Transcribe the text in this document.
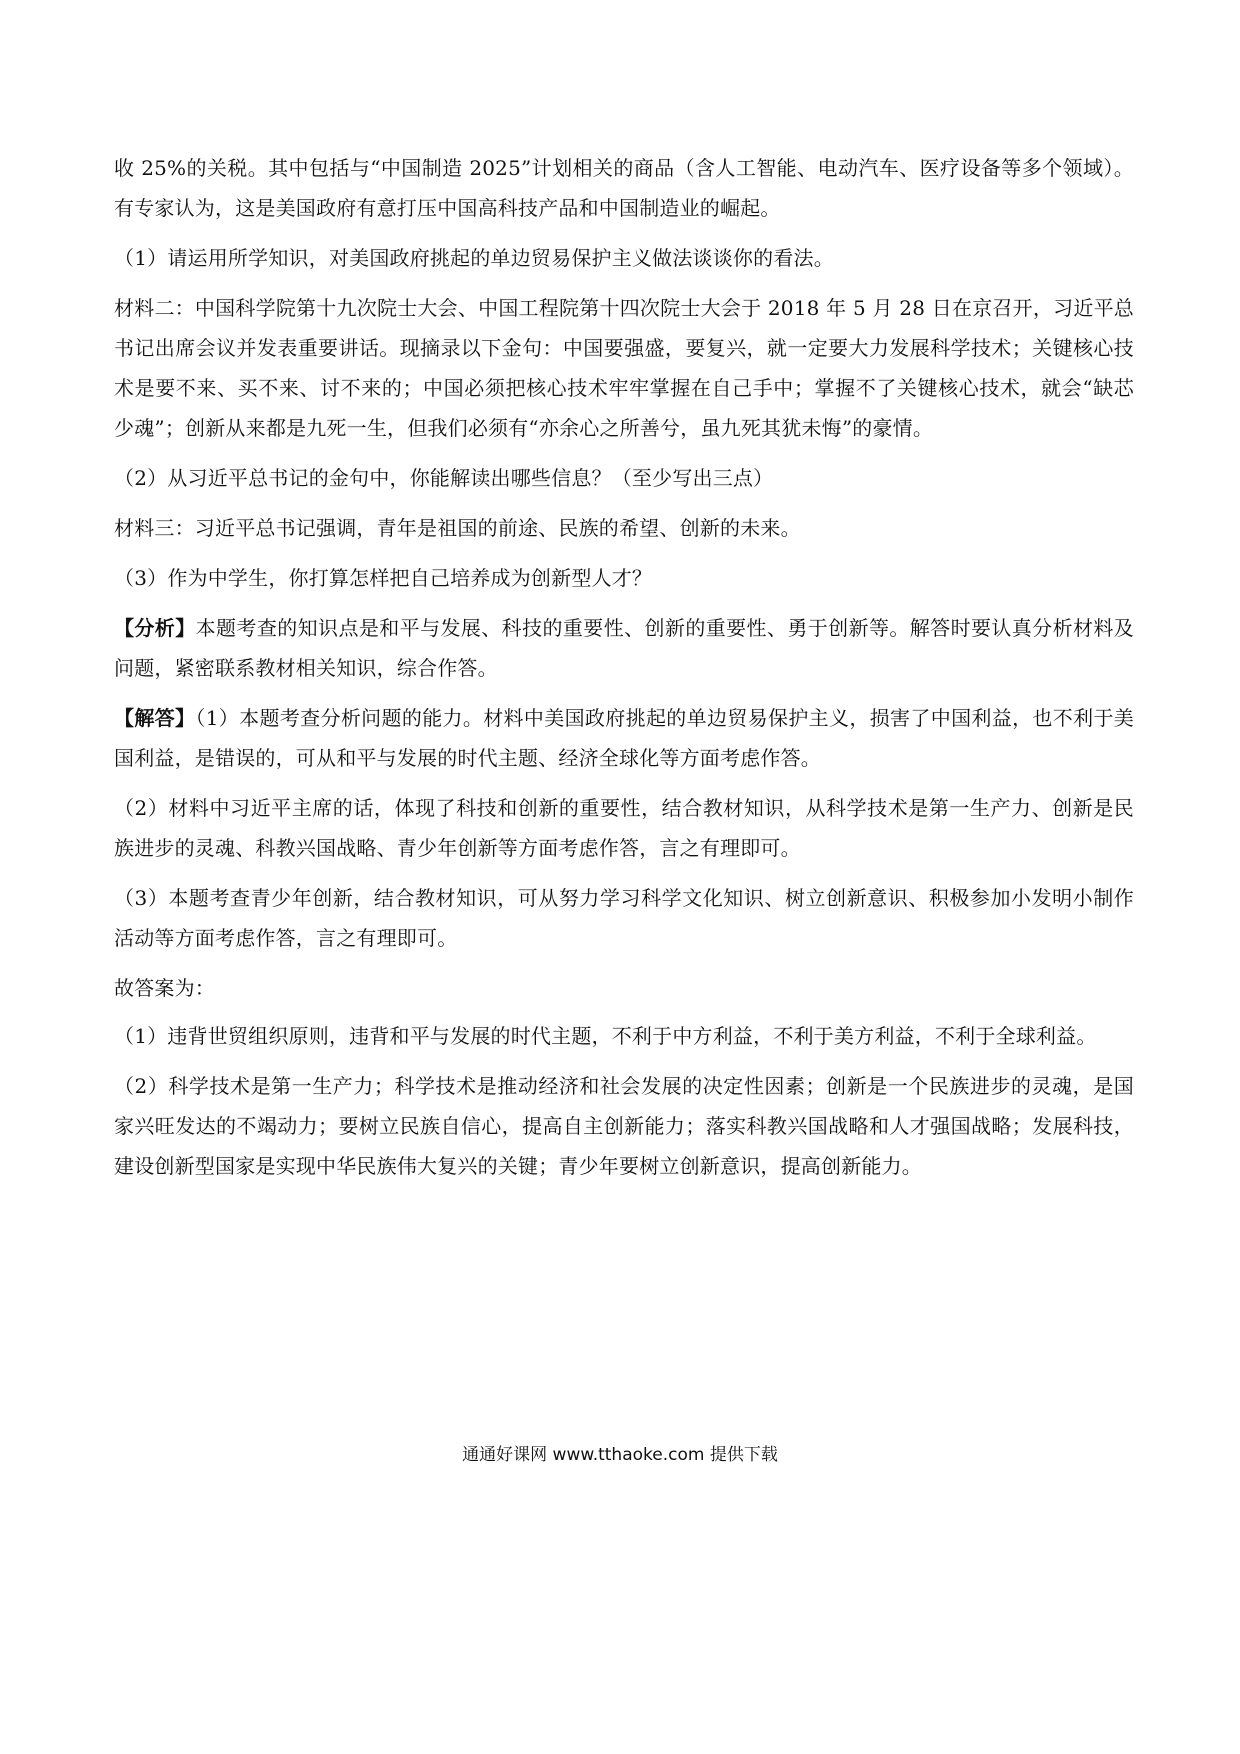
收 25%的关税。其中包括与“中国制造 2025”计划相关的商品（含人工智能、电动汽车、医疗设备等多个领域）。有专家认为，这是美国政府有意打压中国高科技产品和中国制造业的崛起。

（1）请运用所学知识，对美国政府挑起的单边贸易保护主义做法谈谈你的看法。

材料二：中国科学院第十九次院士大会、中国工程院第十四次院士大会于 2018 年 5 月 28 日在京召开，习近平总书记出席会议并发表重要讲话。现摘录以下金句：中国要强盛，要复兴，就一定要大力发展科学技术；关键核心技术是要不来、买不来、讨不来的；中国必须把核心技术牢牢掌握在自己手中；掌握不了关键核心技术，就会“缺芯少魂”；创新从来都是九死一生，但我们必须有“亦余心之所善兮，虽九死其犹未悔”的豪情。

（2）从习近平总书记的金句中，你能解读出哪些信息？（至少写出三点）

材料三：习近平总书记强调，青年是祖国的前途、民族的希望、创新的未来。

（3）作为中学生，你打算怎样把自己培养成为创新型人才？

【分析】本题考查的知识点是和平与发展、科技的重要性、创新的重要性、勇于创新等。解答时要认真分析材料及问题，紧密联系教材相关知识，综合作答。

【解答】（1）本题考查分析问题的能力。材料中美国政府挑起的单边贸易保护主义，损害了中国利益，也不利于美国利益，是错误的，可从和平与发展的时代主题、经济全球化等方面考虑作答。

（2）材料中习近平主席的话，体现了科技和创新的重要性，结合教材知识，从科学技术是第一生产力、创新是民族进步的灵魂、科教兴国战略、青少年创新等方面考虑作答，言之有理即可。

（3）本题考查青少年创新，结合教材知识，可从努力学习科学文化知识、树立创新意识、积极参加小发明小制作活动等方面考虑作答，言之有理即可。

故答案为：

（1）违背世贸组织原则，违背和平与发展的时代主题，不利于中方利益，不利于美方利益，不利于全球利益。

（2）科学技术是第一生产力；科学技术是推动经济和社会发展的决定性因素；创新是一个民族进步的灵魂，是国家兴旺发达的不竭动力；要树立民族自信心，提高自主创新能力；落实科教兴国战略和人才强国战略；发展科技，建设创新型国家是实现中华民族伟大复兴的关键；青少年要树立创新意识，提高创新能力。

通通好课网 www.tthaoke.com 提供下载
